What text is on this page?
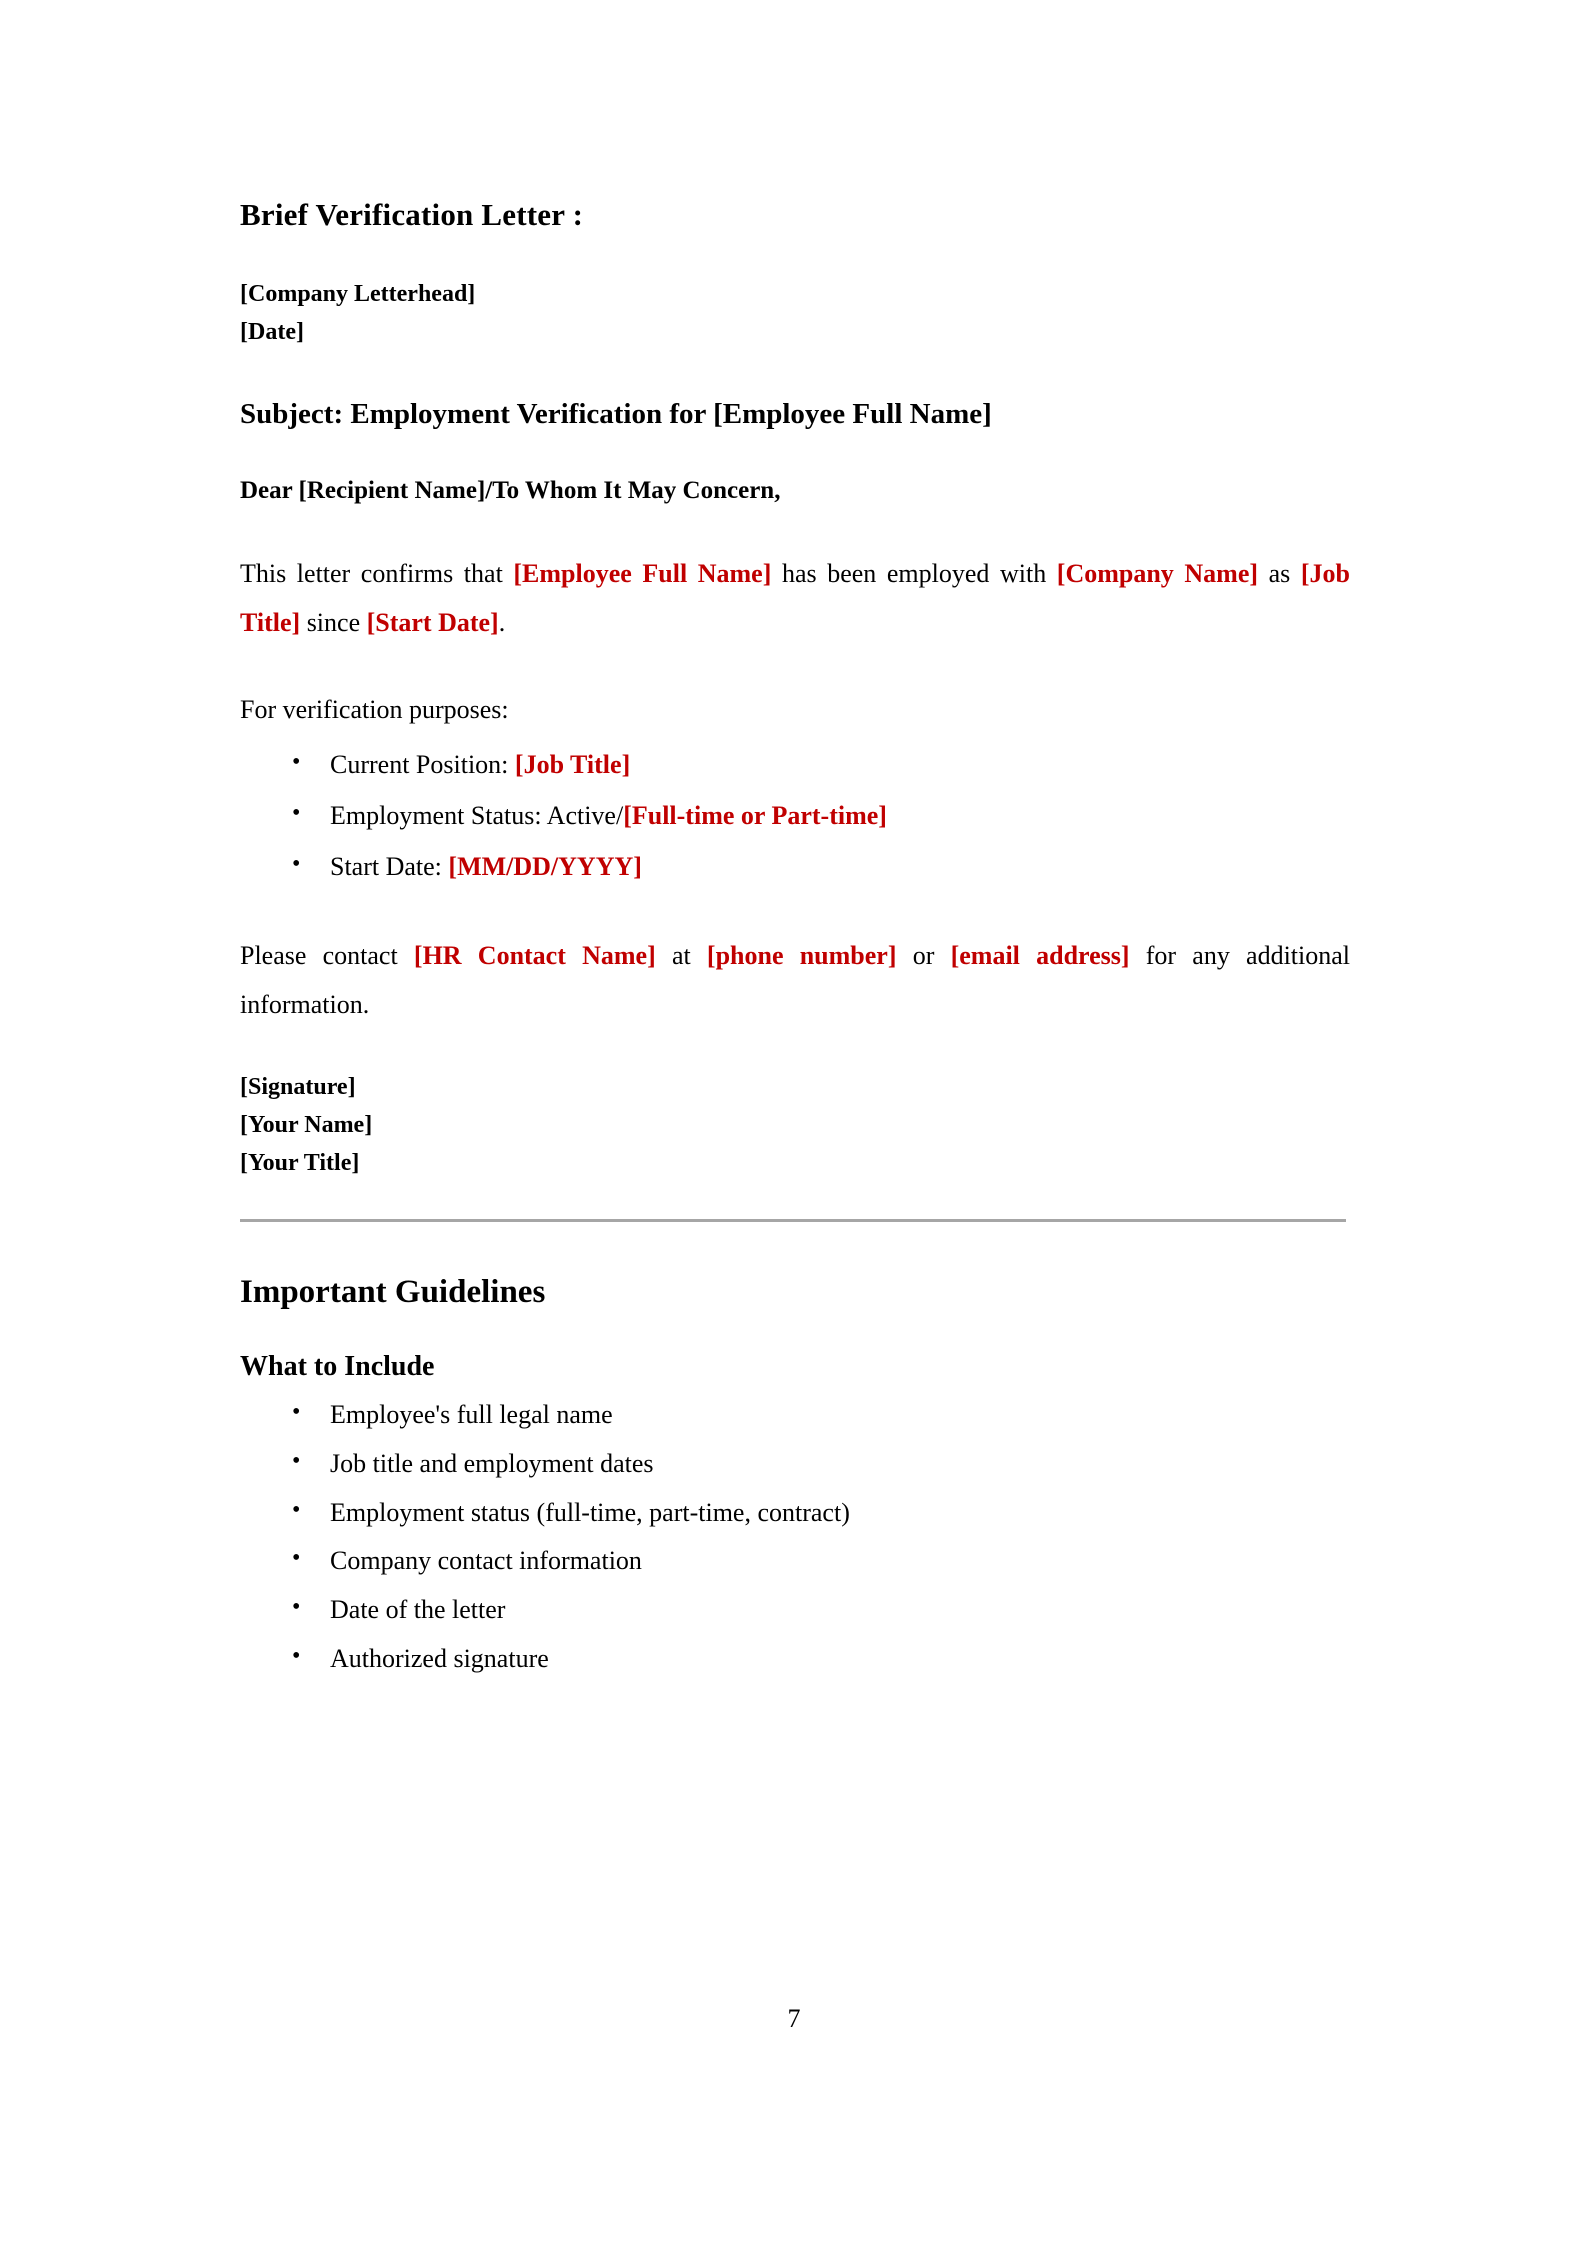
Brief Verification Letter :
[Company Letterhead]
[Date]
Subject: Employment Verification for [Employee Full Name]
Dear [Recipient Name]/To Whom It May Concern,

This letter confirms that [Employee Full Name] has been employed with [Company Name] as [Job Title] since [Start Date].

For verification purposes:

• Current Position: [Job Title]
• Employment Status: Active/[Full-time or Part-time]
• Start Date: [MM/DD/YYYY]

Please contact [HR Contact Name] at [phone number] or [email address] for any additional information.

[Signature]
[Your Name]
[Your Title]
Important Guidelines
What to Include
• Employee's full legal name
• Job title and employment dates
• Employment status (full-time, part-time, contract)
• Company contact information
• Date of the letter
• Authorized signature
7
